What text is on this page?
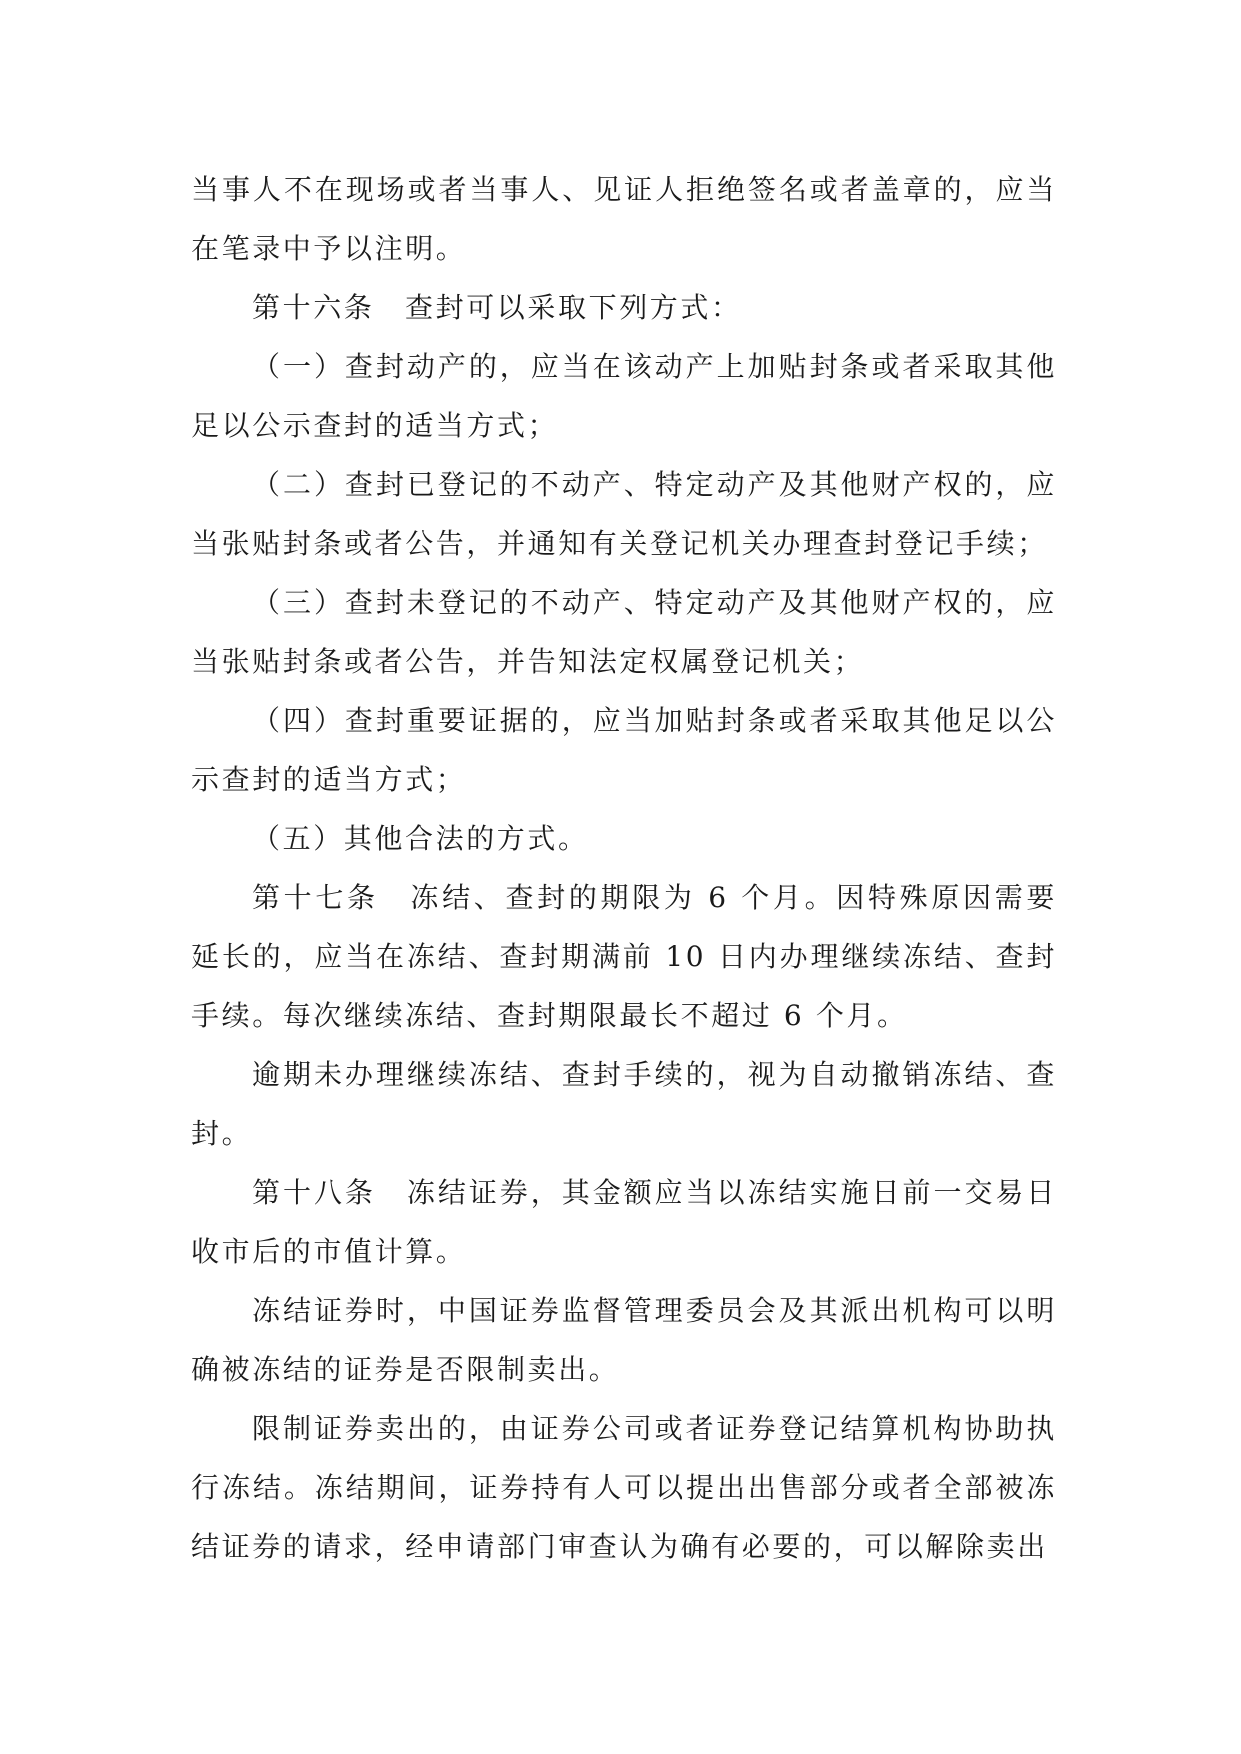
当事人不在现场或者当事人、见证人拒绝签名或者盖章的，应当在笔录中予以注明。

第十六条　查封可以采取下列方式：

（一）查封动产的，应当在该动产上加贴封条或者采取其他足以公示查封的适当方式；

（二）查封已登记的不动产、特定动产及其他财产权的，应当张贴封条或者公告，并通知有关登记机关办理查封登记手续；

（三）查封未登记的不动产、特定动产及其他财产权的，应当张贴封条或者公告，并告知法定权属登记机关；

（四）查封重要证据的，应当加贴封条或者采取其他足以公示查封的适当方式；

（五）其他合法的方式。

第十七条　冻结、查封的期限为 6 个月。因特殊原因需要延长的，应当在冻结、查封期满前 10 日内办理继续冻结、查封手续。每次继续冻结、查封期限最长不超过 6 个月。

逾期未办理继续冻结、查封手续的，视为自动撤销冻结、查封。

第十八条　冻结证券，其金额应当以冻结实施日前一交易日收市后的市值计算。

冻结证券时，中国证券监督管理委员会及其派出机构可以明确被冻结的证券是否限制卖出。

限制证券卖出的，由证券公司或者证券登记结算机构协助执行冻结。冻结期间，证券持有人可以提出出售部分或者全部被冻结证券的请求，经申请部门审查认为确有必要的，可以解除卖出
